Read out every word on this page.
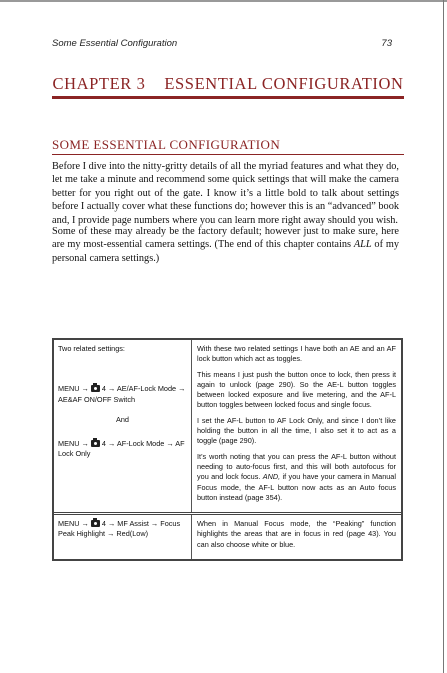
Some Essential Configuration	73
CHAPTER 3    ESSENTIAL CONFIGURATION
SOME ESSENTIAL CONFIGURATION
Before I dive into the nitty-gritty details of all the myriad features and what they do, let me take a minute and recommend some quick settings that will make the camera better for you right out of the gate. I know it’s a little bold to talk about settings before I actually cover what these functions do; however this is an “advanced” book and, I provide page numbers where you can learn more right away should you wish.
Some of these may already be the factory default; however just to make sure, here are my most-essential camera settings. (The end of this chapter contains ALL of my personal camera settings.)

Two related settings:

MENU →  4 → AE/AF-Lock Mode → AE&AF ON/OFF Switch

And

MENU →  4 → AF-Lock Mode → AF Lock Only

With these two related settings I have both an AE and an AF lock button which act as toggles.

This means I just push the button once to lock, then press it again to unlock (page 290). So the AE-L button toggles between locked exposure and live metering, and the AF-L button toggles between locked focus and single focus.

I set the AF-L button to AF Lock Only, and since I don’t like holding the button in all the time, I also set it to act as a toggle (page 290).

It’s worth noting that you can press the AF-L button without needing to auto-focus first, and this will both autofocus for you and lock focus. AND, if you have your camera in Manual Focus mode, the AF-L button now acts as an Auto focus button instead (page 354).

MENU →  4 → MF Assist → Focus Peak Highlight → Red(Low)

When in Manual Focus mode, the “Peaking” function highlights the areas that are in focus in red (page 43). You can also choose white or blue.
